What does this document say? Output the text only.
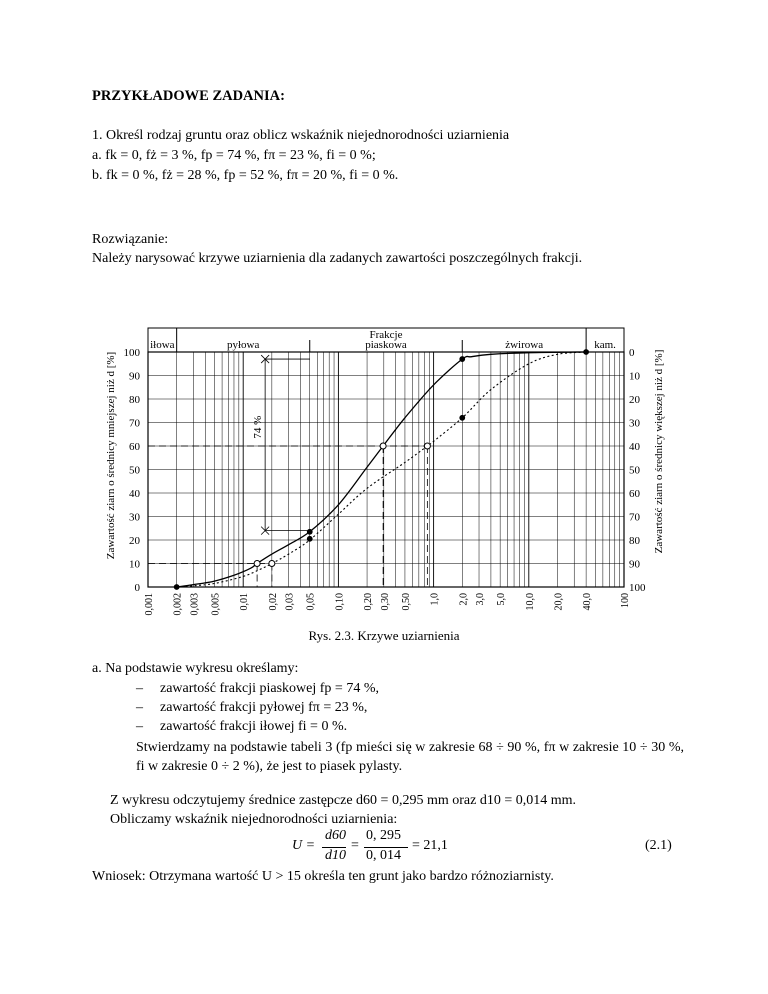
PRZYKŁADOWE ZADANIA:
1. Określ rodzaj gruntu oraz oblicz wskaźnik niejednorodności uziarnienia
a. fk = 0, fż = 3 %, fp = 74 %, fπ = 23 %, fi = 0 %;
b. fk = 0 %, fż = 28 %, fp = 52 %, fπ = 20 %, fi = 0 %.
Rozwiązanie:
Należy narysować krzywe uziarnienia dla zadanych zawartości poszczególnych frakcji.
Frakcje
iłowa	pyłowa	piaskowa	żwirowa	kam.
0	100
10	90
20	80
30	70
40	60
50	50
60	40
70	30
80	20
90	10
100	0
0,001 0,002 0,003 0,005 0,01 0,02 0,03 0,05 0,10 0,20 0,30 0,50 1,0 2,0 3,0 5,0 10,0 20,0 40,0	100
Zawartość ziarn o średnicy mniejszej niż d [%]	Zawartość ziarn o średnicy większej niż d [%]
74 %
Rys. 2.3. Krzywe uziarnienia
a. Na podstawie wykresu określamy:
– zawartość frakcji piaskowej fp = 74 %,
– zawartość frakcji pyłowej fπ = 23 %,
– zawartość frakcji iłowej fi = 0 %.
Stwierdzamy na podstawie tabeli 3 (fp mieści się w zakresie 68 ÷ 90 %, fπ w zakresie 10 ÷ 30 %, fi w zakresie 0 ÷ 2 %), że jest to piasek pylasty.
Z wykresu odczytujemy średnice zastępcze d60 = 0,295 mm oraz d10 = 0,014 mm.
Obliczamy wskaźnik niejednorodności uziarnienia:
U =
d60
d10
=
0, 295
0, 014
= 21,1	(2.1)
Wniosek: Otrzymana wartość U > 15 określa ten grunt jako bardzo różnoziarnisty.
